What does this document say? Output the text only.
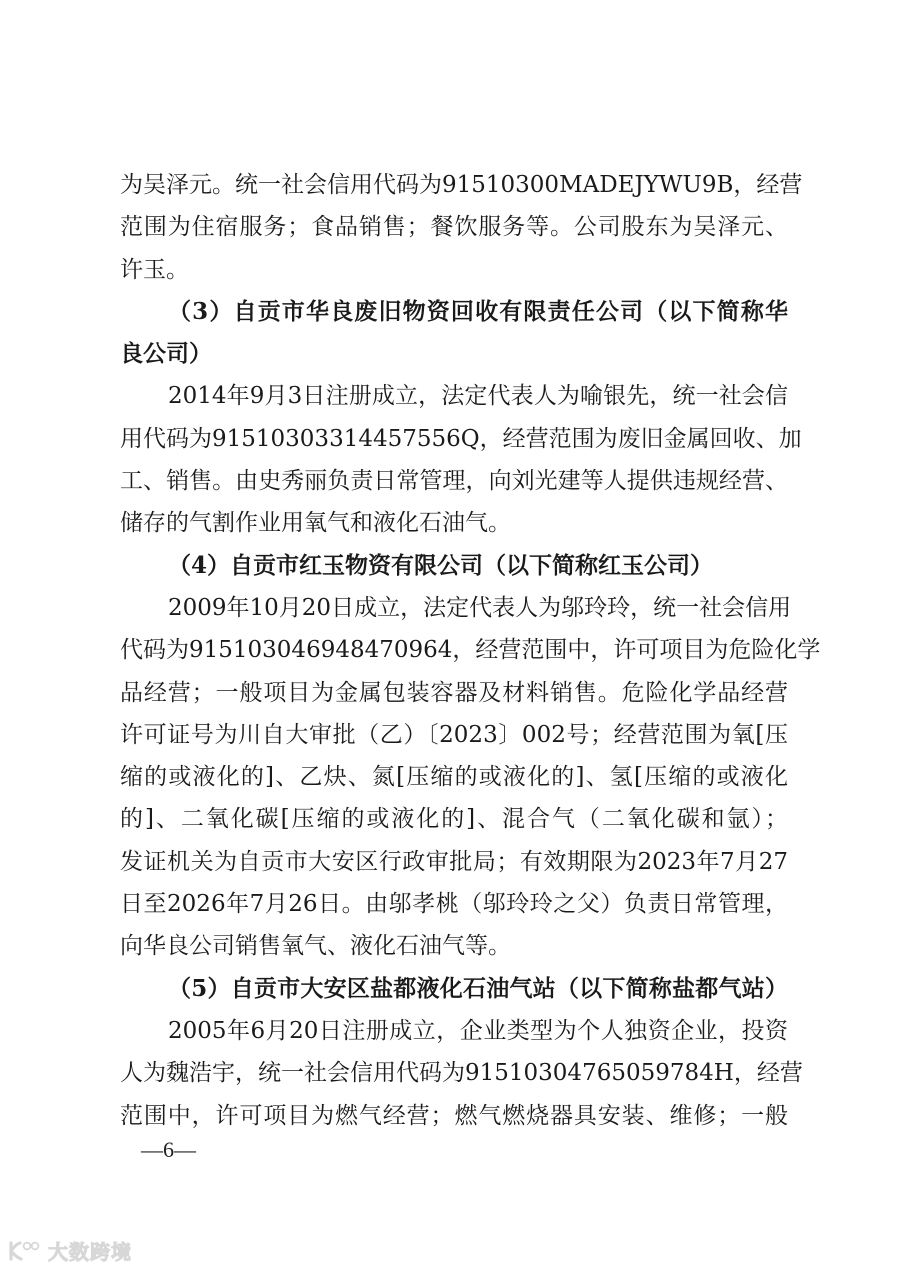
为吴泽元。统一社会信用代码为91510300MADEJYWU9B，经营
范围为住宿服务；食品销售；餐饮服务等。公司股东为吴泽元、
许玉。
（3）自贡市华良废旧物资回收有限责任公司（以下简称华
良公司）
2014年9月3日注册成立，法定代表人为喻银先，统一社会信
用代码为91510303314457556Q，经营范围为废旧金属回收、加
工、销售。由史秀丽负责日常管理，向刘光建等人提供违规经营、
储存的气割作业用氧气和液化石油气。
（4）自贡市红玉物资有限公司（以下简称红玉公司）
2009年10月20日成立，法定代表人为邬玲玲，统一社会信用
代码为915103046948470964，经营范围中，许可项目为危险化学
品经营；一般项目为金属包装容器及材料销售。危险化学品经营
许可证号为川自大审批（乙）〔2023〕002号；经营范围为氧[压
缩的或液化的]、乙炔、氮[压缩的或液化的]、氢[压缩的或液化
的]、二氧化碳[压缩的或液化的]、混合气（二氧化碳和氩）；
发证机关为自贡市大安区行政审批局；有效期限为2023年7月27
日至2026年7月26日。由邬孝桃（邬玲玲之父）负责日常管理，
向华良公司销售氧气、液化石油气等。
（5）自贡市大安区盐都液化石油气站（以下简称盐都气站）
2005年6月20日注册成立，企业类型为个人独资企业，投资
人为魏浩宇，统一社会信用代码为91510304765059784H，经营
范围中，许可项目为燃气经营；燃气燃烧器具安装、维修；一般
—6—
大数跨境
